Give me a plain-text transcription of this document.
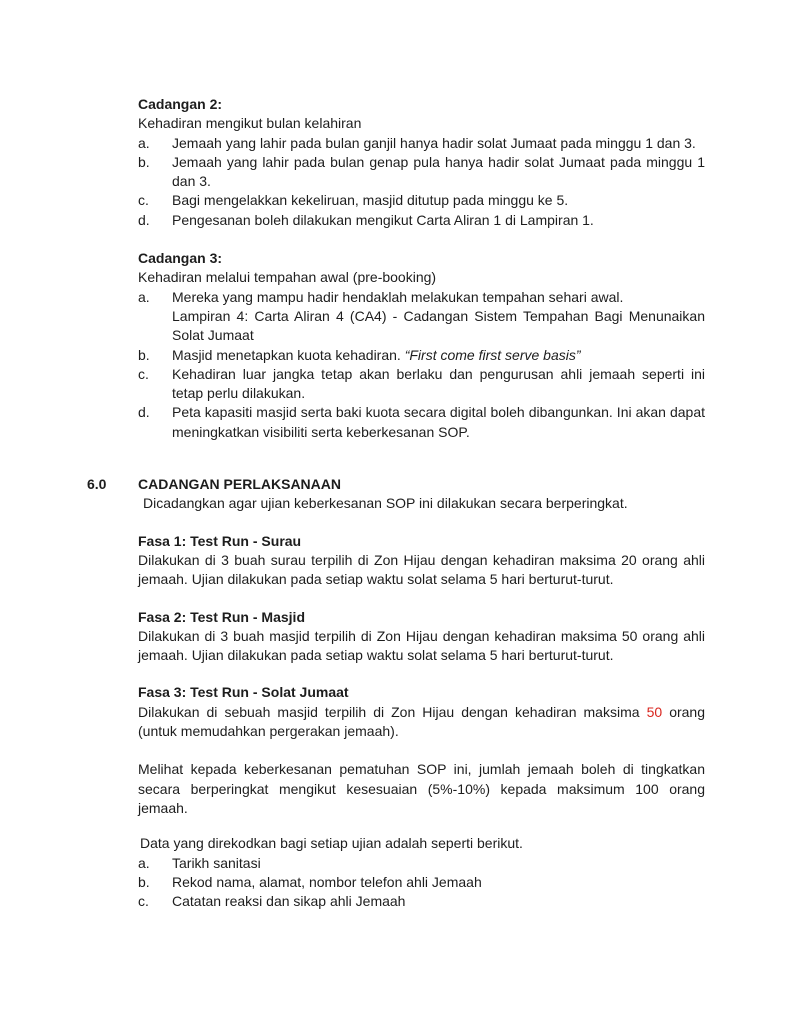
Cadangan 2:
Kehadiran mengikut bulan kelahiran
a.	Jemaah yang lahir pada bulan ganjil hanya hadir solat Jumaat pada minggu 1 dan 3.
b.	Jemaah yang lahir pada bulan genap pula hanya hadir solat Jumaat pada minggu 1 dan 3.
c.	Bagi mengelakkan kekeliruan, masjid ditutup pada minggu ke 5.
d.	Pengesanan boleh dilakukan mengikut Carta Aliran 1 di Lampiran 1.
Cadangan 3:
Kehadiran melalui tempahan awal (pre-booking)
a.	Mereka yang mampu hadir hendaklah melakukan tempahan sehari awal.
Lampiran 4: Carta Aliran 4 (CA4) - Cadangan Sistem Tempahan Bagi Menunaikan Solat Jumaat
b.	Masjid menetapkan kuota kehadiran. “First come first serve basis”
c.	Kehadiran luar jangka tetap akan berlaku dan pengurusan ahli jemaah seperti ini tetap perlu dilakukan.
d.	Peta kapasiti masjid serta baki kuota secara digital boleh dibangunkan. Ini akan dapat meningkatkan visibiliti serta keberkesanan SOP.
6.0 CADANGAN PERLAKSANAAN
Dicadangkan agar ujian keberkesanan SOP ini dilakukan secara berperingkat.
Fasa 1: Test Run - Surau
Dilakukan di 3 buah surau terpilih di Zon Hijau dengan kehadiran maksima 20 orang ahli jemaah. Ujian dilakukan pada setiap waktu solat selama 5 hari berturut-turut.
Fasa 2: Test Run - Masjid
Dilakukan di 3 buah masjid terpilih di Zon Hijau dengan kehadiran maksima 50 orang ahli jemaah. Ujian dilakukan pada setiap waktu solat selama 5 hari berturut-turut.
Fasa 3: Test Run - Solat Jumaat
Dilakukan di sebuah masjid terpilih di Zon Hijau dengan kehadiran maksima 50 orang (untuk memudahkan pergerakan jemaah).
Melihat kepada keberkesanan pematuhan SOP ini, jumlah jemaah boleh di tingkatkan secara berperingkat mengikut kesesuaian (5%-10%) kepada maksimum 100 orang jemaah.
Data yang direkodkan bagi setiap ujian adalah seperti berikut.
a.	Tarikh sanitasi
b.	Rekod nama, alamat, nombor telefon ahli Jemaah
c.	Catatan reaksi dan sikap ahli Jemaah
